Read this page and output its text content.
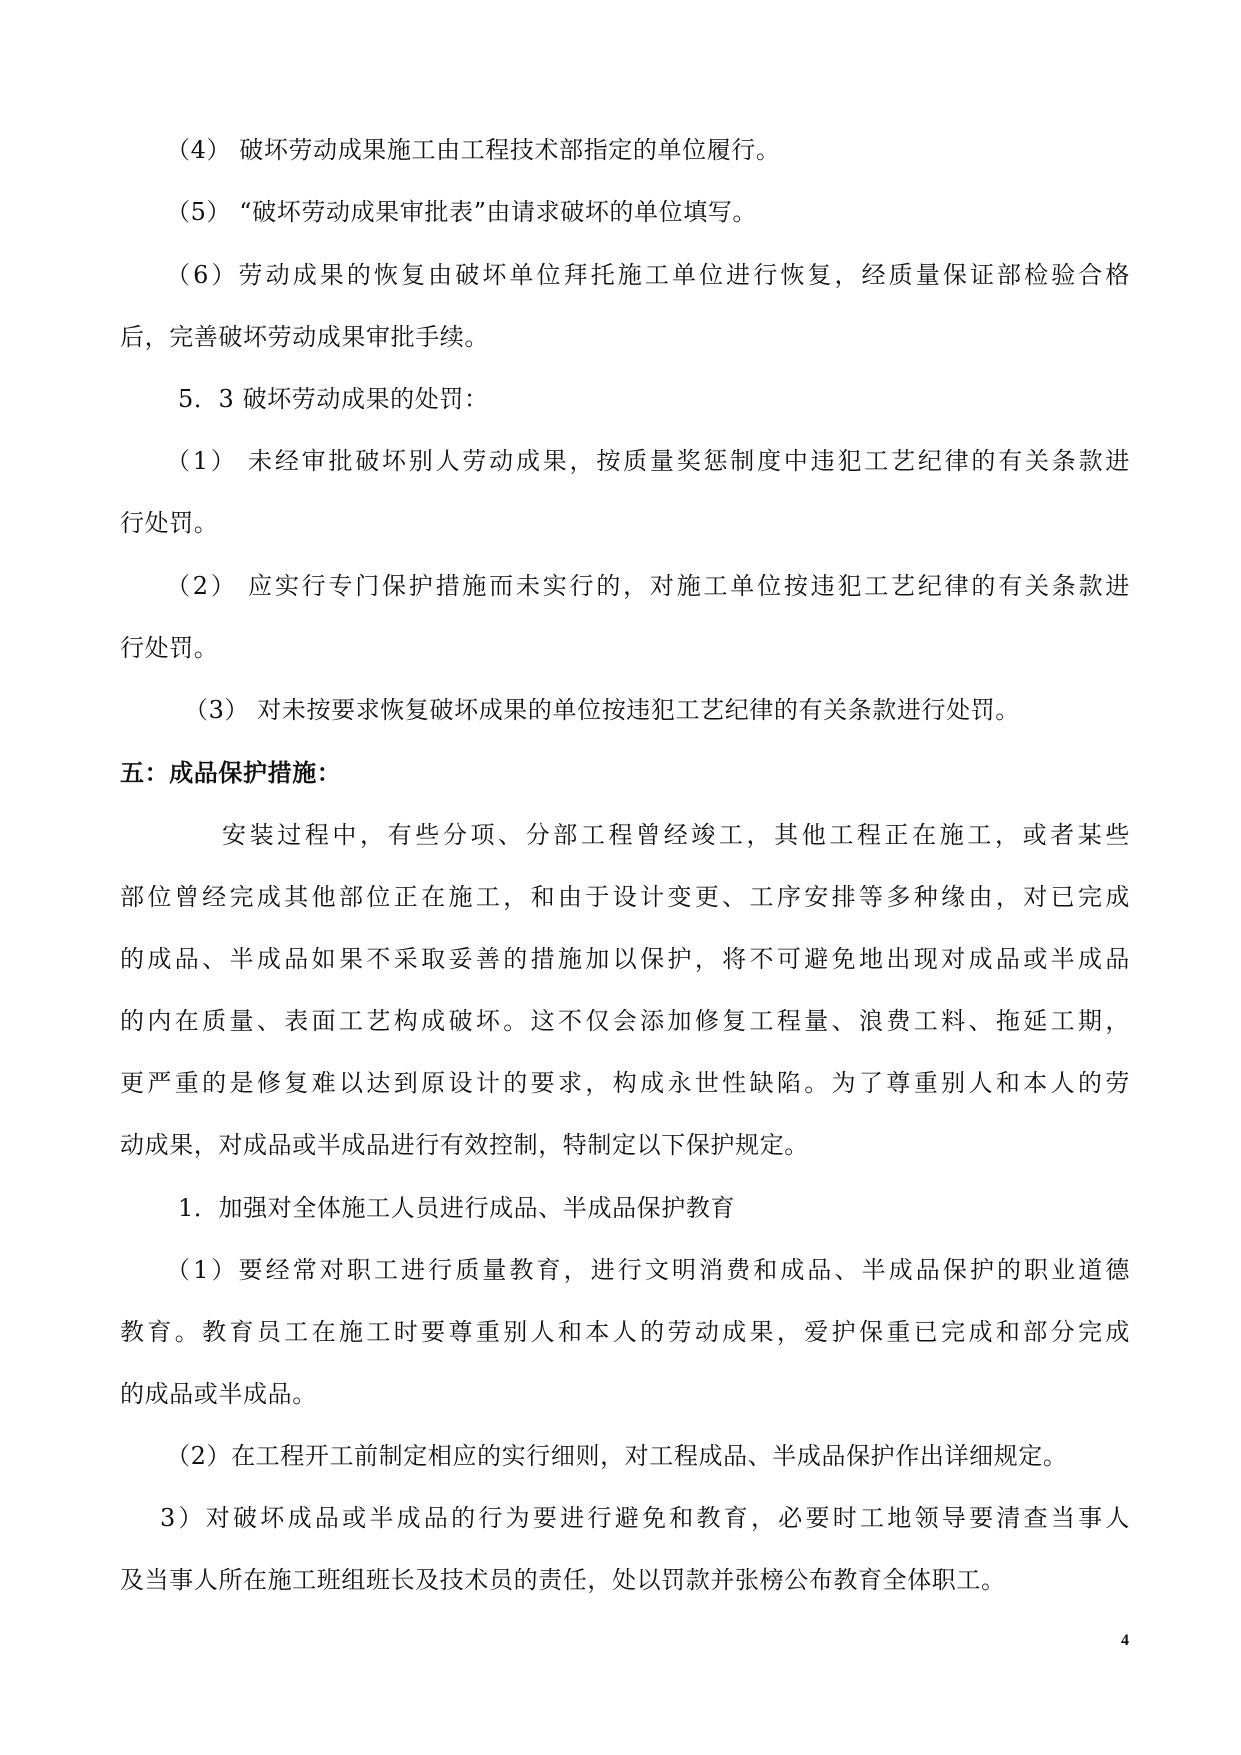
（4） 破坏劳动成果施工由工程技术部指定的单位履行。
（5） “破坏劳动成果审批表”由请求破坏的单位填写。
（6）劳动成果的恢复由破坏单位拜托施工单位进行恢复，经质量保证部检验合格
后，完善破坏劳动成果审批手续。
5．3 破坏劳动成果的处罚：
（1） 未经审批破坏别人劳动成果，按质量奖惩制度中违犯工艺纪律的有关条款进
行处罚。
（2） 应实行专门保护措施而未实行的，对施工单位按违犯工艺纪律的有关条款进
行处罚。
（3） 对未按要求恢复破坏成果的单位按违犯工艺纪律的有关条款进行处罚。
五：成品保护措施：
安装过程中，有些分项、分部工程曾经竣工，其他工程正在施工，或者某些
部位曾经完成其他部位正在施工，和由于设计变更、工序安排等多种缘由，对已完成
的成品、半成品如果不采取妥善的措施加以保护，将不可避免地出现对成品或半成品
的内在质量、表面工艺构成破坏。这不仅会添加修复工程量、浪费工料、拖延工期，
更严重的是修复难以达到原设计的要求，构成永世性缺陷。为了尊重别人和本人的劳
动成果，对成品或半成品进行有效控制，特制定以下保护规定。
1．加强对全体施工人员进行成品、半成品保护教育
（1）要经常对职工进行质量教育，进行文明消费和成品、半成品保护的职业道德
教育。教育员工在施工时要尊重别人和本人的劳动成果，爱护保重已完成和部分完成
的成品或半成品。
（2）在工程开工前制定相应的实行细则，对工程成品、半成品保护作出详细规定。
3）对破坏成品或半成品的行为要进行避免和教育，必要时工地领导要清查当事人
及当事人所在施工班组班长及技术员的责任，处以罚款并张榜公布教育全体职工。
4
